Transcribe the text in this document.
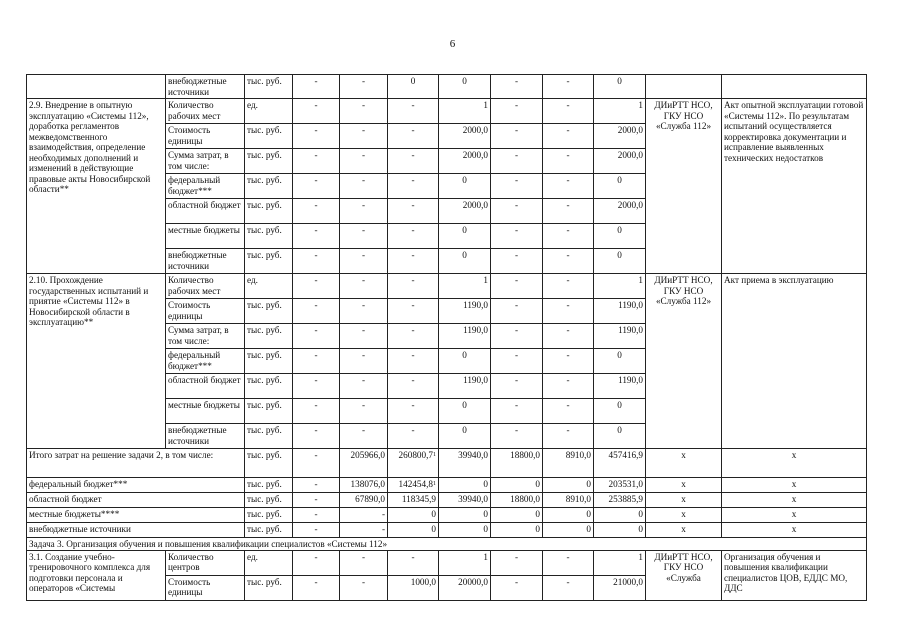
6
	внебюджетные источники	тыс. руб.	-	-	0	0	-	-	0		
2.9. Внедрение в опытную эксплуатацию «Системы 112», доработка регламентов межведомственного взаимодействия, определение необходимых дополнений и изменений в действующие правовые акты Новосибирской области**	Количество рабочих мест	ед.	-	-	-	1	-	-	1	ДИиРТТ НСО, ГКУ НСО «Служба 112»	Акт опытной эксплуатации готовой «Системы 112». По результатам испытаний осуществляется корректировка документации и исправление выявленных технических недостатков
	Стоимость единицы	тыс. руб.	-	-	-	2000,0	-	-	2000,0		
	Сумма затрат, в том числе:	тыс. руб.	-	-	-	2000,0	-	-	2000,0		
	федеральный бюджет***	тыс. руб.	-	-	-	0	-	-	0		
	областной бюджет	тыс. руб.	-	-	-	2000,0	-	-	2000,0		
	местные бюджеты	тыс. руб.	-	-	-	0	-	-	0		
	внебюджетные источники	тыс. руб.	-	-	-	0	-	-	0		
2.10. Прохождение государственных испытаний и приятие «Системы 112» в Новосибирской области в эксплуатацию**	Количество рабочих мест	ед.	-	-	-	1	-	-	1	ДИиРТТ НСО, ГКУ НСО «Служба 112»	Акт приема в эксплуатацию
	Стоимость единицы	тыс. руб.	-	-	-	1190,0	-	-	1190,0		
	Сумма затрат, в том числе:	тыс. руб.	-	-	-	1190,0	-	-	1190,0		
	федеральный бюджет***	тыс. руб.	-	-	-	0	-	-	0		
	областной бюджет	тыс. руб.	-	-	-	1190,0	-	-	1190,0		
	местные бюджеты	тыс. руб.	-	-	-	0	-	-	0		
	внебюджетные источники	тыс. руб.	-	-	-	0	-	-	0		
Итого затрат на решение задачи 2, в том числе:		тыс. руб.	-	205966,0	260800,7$^1$	39940,0	18800,0	8910,0	457416,9	х	х
федеральный бюджет***		тыс. руб.	-	138076,0	142454,8$^1$	0	0	0	203531,0	х	х
областной бюджет		тыс. руб.	-	67890,0	118345,9	39940,0	18800,0	8910,0	253885,9	х	х
местные бюджеты****		тыс. руб.	-	-	0	0	0	0	0	х	х
внебюджетные источники		тыс. руб.	-	-	0	0	0	0	0	х	х
Задача 3. Организация обучения и повышения квалификации специалистов «Системы 112»											
3.1. Создание учебно-тренировочного комплекса для подготовки персонала и операторов «Системы	Количество центров	ед.	-	-	-	1	-	-	1	ДИиРТТ НСО, ГКУ НСО «Служба	Организация обучения и повышения квалификации специалистов ЦОВ, ЕДДС МО, ДДС
	Стоимость единицы	тыс. руб.	-	-	1000,0	20000,0	-	-	21000,0		
